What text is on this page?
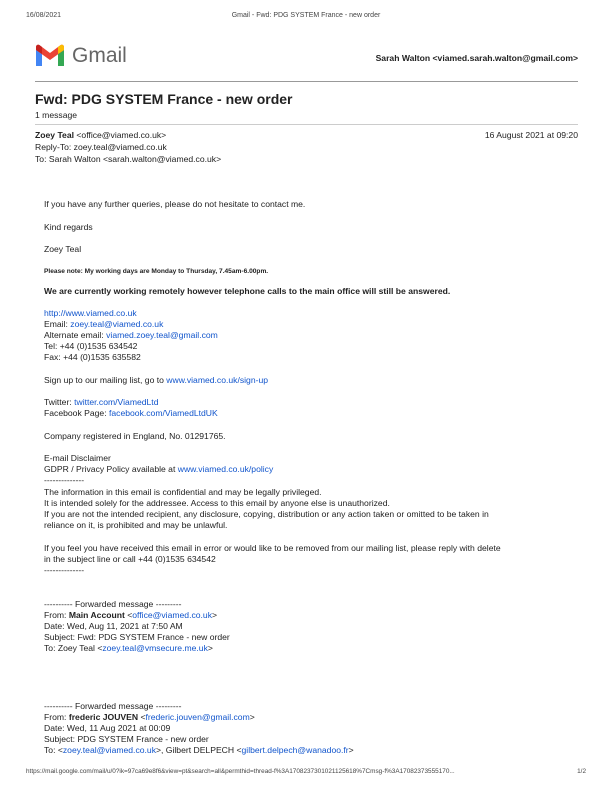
16/08/2021	Gmail - Fwd: PDG SYSTEM France - new order
Gmail	Sarah Walton <viamed.sarah.walton@gmail.com>
Fwd: PDG SYSTEM France - new order
1 message
Zoey Teal <office@viamed.co.uk>	16 August 2021 at 09:20
Reply-To: zoey.teal@viamed.co.uk
To: Sarah Walton <sarah.walton@viamed.co.uk>
If you have any further queries, please do not hesitate to contact me.
Kind regards
Zoey Teal
Please note: My working days are Monday to Thursday, 7.45am-6.00pm.
We are currently working remotely however telephone calls to the main office will still be answered.
http://www.viamed.co.uk
Email: zoey.teal@viamed.co.uk
Alternate email: viamed.zoey.teal@gmail.com
Tel: +44 (0)1535 634542
Fax: +44 (0)1535 635582
Sign up to our mailing list, go to www.viamed.co.uk/sign-up
Twitter: twitter.com/ViamedLtd
Facebook Page: facebook.com/ViamedLtdUK
Company registered in England, No. 01291765.
E-mail Disclaimer
GDPR / Privacy Policy available at www.viamed.co.uk/policy
--------------
The information in this email is confidential and may be legally privileged.
It is intended solely for the addressee. Access to this email by anyone else is unauthorized.
If you are not the intended recipient, any disclosure, copying, distribution or any action taken or omitted to be taken in
reliance on it, is prohibited and may be unlawful.
If you feel you have received this email in error or would like to be removed from our mailing list, please reply with delete
in the subject line or call +44 (0)1535 634542
--------------
---------- Forwarded message ---------
From: Main Account <office@viamed.co.uk>
Date: Wed, Aug 11, 2021 at 7:50 AM
Subject: Fwd: PDG SYSTEM France - new order
To: Zoey Teal <zoey.teal@vmsecure.me.uk>
---------- Forwarded message ---------
From: frederic JOUVEN <frederic.jouven@gmail.com>
Date: Wed, 11 Aug 2021 at 00:09
Subject: PDG SYSTEM France - new order
To: <zoey.teal@viamed.co.uk>, Gilbert DELPECH <gilbert.delpech@wanadoo.fr>
https://mail.google.com/mail/u/0?ik=97ca69e8f6&view=pt&search=all&permthid=thread-f%3A1708237301021125618%7Cmsg-f%3A17082373555170...	1/2
